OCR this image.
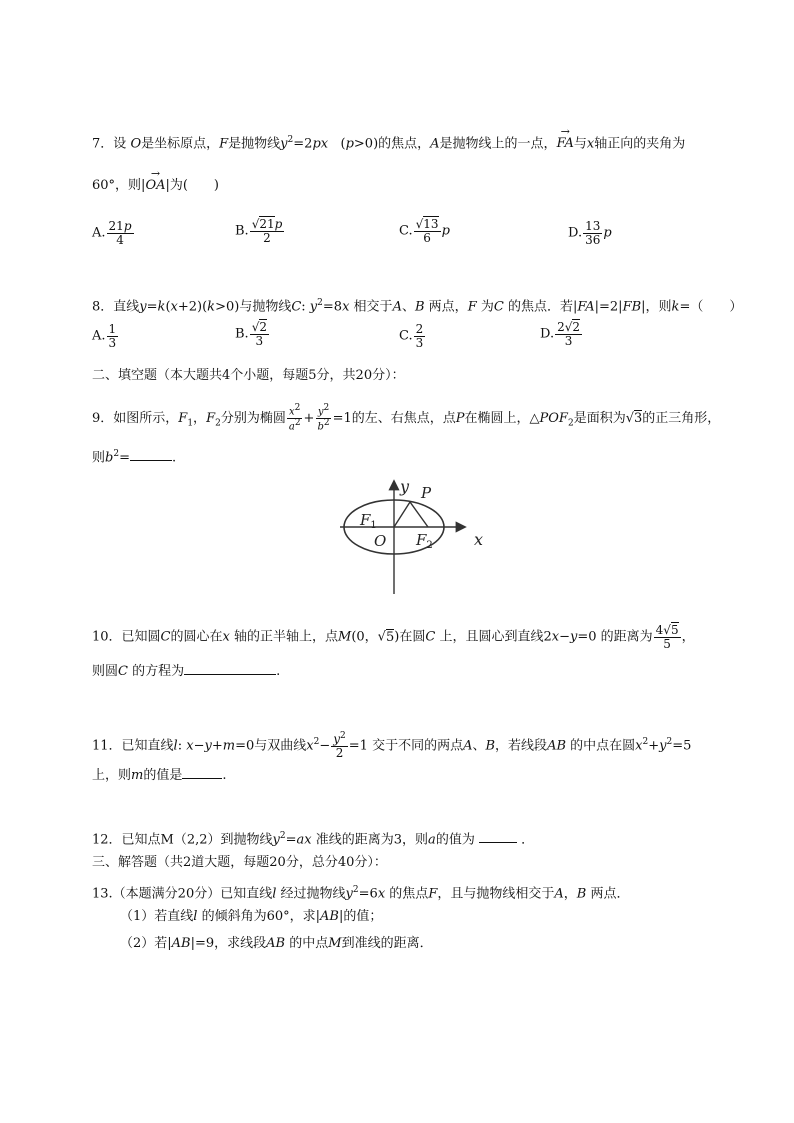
7．设 O是坐标原点，F是抛物线$y^2=2px$ (p>0)的焦点，A是抛物线上的一点，→ FA与x轴正向的夹角为
60°，则|→ OA|为(　　)
A. $\frac{21p}{4}$	B. $\frac{√21p}{2}$	C. $\frac{√13}{6}$ p	D. $\frac{13}{36}$ p
8．直线y=k(x+2)(k>0)与抛物线C: $y^2=8x$ 相交于A、B 两点，F 为C 的焦点．若|FA|=2|FB|，则k=（　　）
A. $\frac{1}{3}$	B. $\frac{√2}{3}$	C. $\frac{2}{3}$	D. $\frac{2√2}{3}$
二、填空题（本大题共4个小题，每题5分，共20分）：
9．如图所示，$F_1$，$F_2$分别为椭圆 $\frac{x^2}{a^2} + \frac{y^2}{b^2} =1$的左、右焦点，点P在椭圆上，$\triangle POF_2$是面积为√3的正三角形，
则$b^2=$	.
y P
x
O
$F_1$
$F_2$
10．已知圆C的圆心在x 轴的正半轴上，点M(0，√5)在圆C 上，且圆心到直线2x−y=0 的距离为 $\frac{4√5}{5}$ ，
则圆C 的方程为	.
11．已知直线l: x−y+m=0与双曲线$x^2- \frac{y^2}{2} =1$ 交于不同的两点A、B，若线段AB 的中点在圆$x^2+y^2=5$
上，则m的值是	.
12．已知点M（2,2）到抛物线$y^2=ax$ 准线的距离为3，则a的值为	．
三、解答题（共2道大题，每题20分，总分40分）：
13.（本题满分20分）已知直线l 经过抛物线$y^2=6x$ 的焦点F，且与抛物线相交于A，B 两点．
（1）若直线l 的倾斜角为60°，求|AB|的值；
（2）若|AB|=9，求线段AB 的中点M到准线的距离．
